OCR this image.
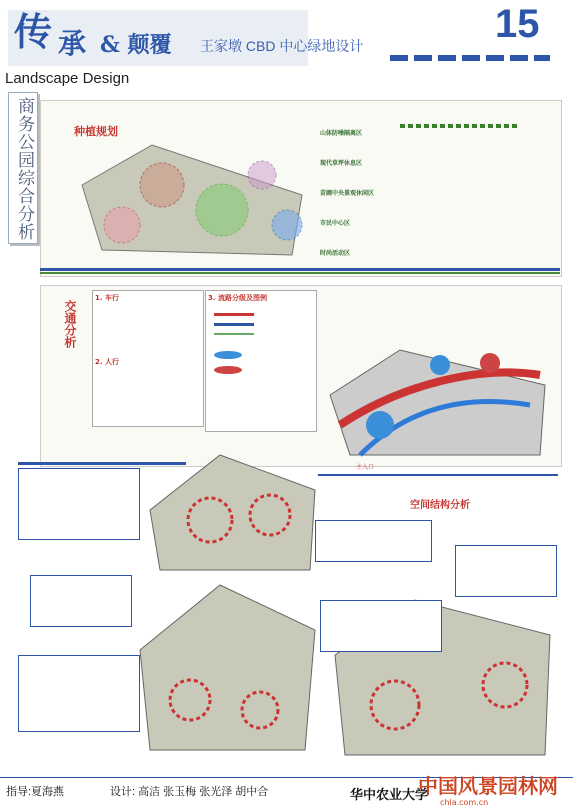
传 承 & 颠覆 王家墩 CBD 中心绿地设计
Landscape Design
15
商务公园综合分析	种植规划	山体防噪隔离区
现代草坪休息区
苗圃中央景观休闲区
市民中心区
时尚活动区
交通分析
1. 车行
2. 人行
3. 流路分级及图例
主入口
空间结构分析
指导:夏海燕	设计: 高洁 张玉梅 张光泽 胡中合	华中农业大学
中国风景园林网
chla.com.cn
